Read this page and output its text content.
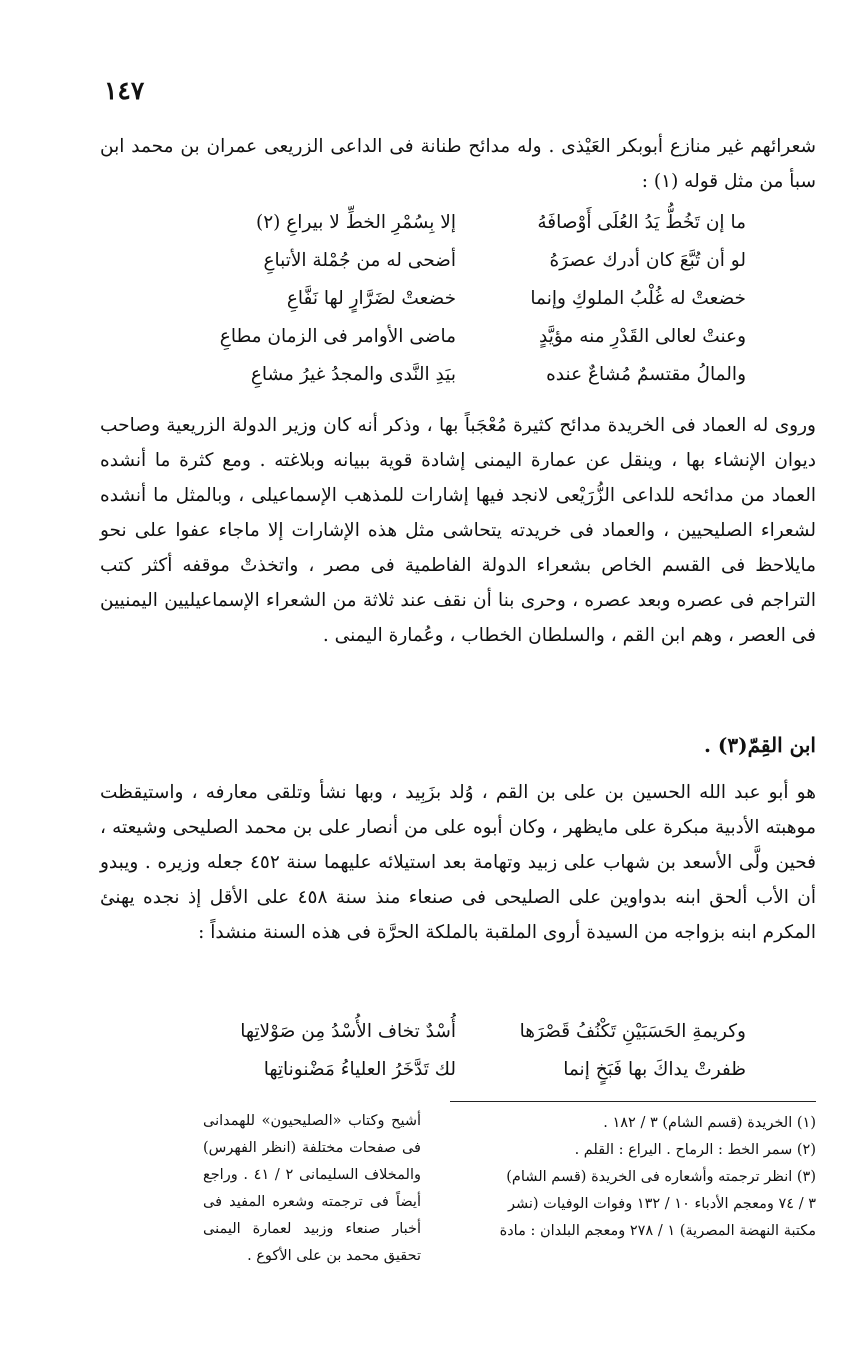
١٤٧

شعرائهم غير منازع أبوبكر العَيْذى . وله مدائح طنانة فى الداعى الزريعى عمران بن محمد ابن سبأ من مثل قوله (١) :

ما إن تَخُطُّ يَدُ العُلَى أَوْصافَهُ
إلا بِسُمْرِ الخطِّ لا بيراعِ (٢)
لو أن تُبَّعَ كان أدرك عصرَهُ
أضحى له من جُمْلة الأتباعِ
خضعتْ له غُلْبُ الملوكِ وإنما
خضعتْ لضَرَّارٍ لها نَفَّاعِ
وعنتْ لعالى القَدْرِ منه مؤيَّدٍ
ماضى الأوامر فى الزمان مطاعِ
والمالُ مقتسمٌ مُشاعٌ عنده
بيَدِ النَّدى والمجدُ غيرُ مشاعِ

وروى له العماد فى الخريدة مدائح كثيرة مُعْجَباً بها ، وذكر أنه كان وزير الدولة الزريعية وصاحب ديوان الإنشاء بها ، وينقل عن عمارة اليمنى إشادة قوية ببيانه وبلاغته . ومع كثرة ما أنشده العماد من مدائحه للداعى الزُّرَيْعى لانجد فيها إشارات للمذهب الإسماعيلى ، وبالمثل ما أنشده لشعراء الصليحيين ، والعماد فى خريدته يتحاشى مثل هذه الإشارات إلا ماجاء عفوا على نحو مايلاحظ فى القسم الخاص بشعراء الدولة الفاطمية فى مصر ، واتخذتْ موقفه أكثر كتب التراجم فى عصره وبعد عصره ، وحرى بنا أن نقف عند ثلاثة من الشعراء الإسماعيليين اليمنيين فى العصر ، وهم ابن القم ، والسلطان الخطاب ، وعُمارة اليمنى .

ابن القِمّ(٣) .

هو أبو عبد الله الحسين بن على بن القم ، وُلد بزَبِيد ، وبها نشأ وتلقى معارفه ، واستيقظت موهبته الأدبية مبكرة على مايظهر ، وكان أبوه على من أنصار على بن محمد الصليحى وشيعته ، فحين ولَّى الأسعد بن شهاب على زبيد وتهامة بعد استيلائه عليهما سنة ٤٥٢ جعله وزيره . ويبدو أن الأب ألحق ابنه بدواوين على الصليحى فى صنعاء منذ سنة ٤٥٨ على الأقل إذ نجده يهنئ المكرم ابنه بزواجه من السيدة أروى الملقبة بالملكة الحرَّة فى هذه السنة منشداً :

وكريمةِ الحَسَبَيْنِ تَكْنُفُ قَصْرَها
أُسْدٌ تخاف الأُسْدُ مِن صَوْلاتِها
ظفرتْ يداكَ بها فَبَخٍ إنما
لك تَدَّخَرُ العلياءُ مَضْنوناتِها

(١) الخريدة (قسم الشام) ٣ / ١٨٢ .

(٢) سمر الخط : الرماح . اليراع : القلم .

(٣) انظر ترجمته وأشعاره فى الخريدة (قسم الشام)

٣ / ٧٤ ومعجم الأدباء ١٠ / ١٣٢ وفوات الوفيات (نشر

مكتبة النهضة المصرية) ١ / ٢٧٨ ومعجم البلدان : مادة

أشيح وكتاب «الصليحيون» للهمدانى فى صفحات مختلفة (انظر الفهرس) والمخلاف السليمانى ٢ / ٤١ . وراجع أيضاً فى ترجمته وشعره المفيد فى أخبار صنعاء وزبيد لعمارة اليمنى تحقيق محمد بن على الأكوع .
